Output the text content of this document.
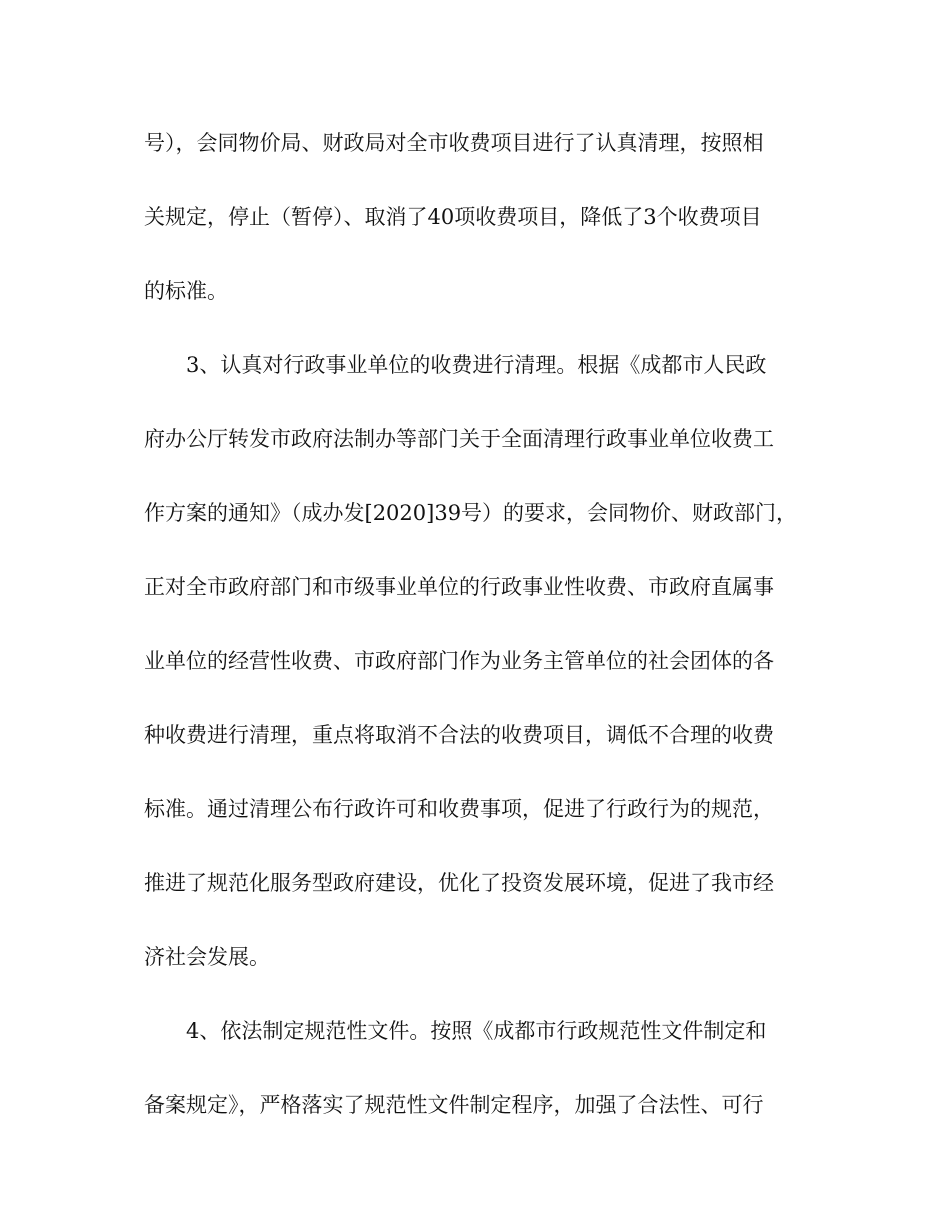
号），会同物价局、财政局对全市收费项目进行了认真清理，按照相
关规定，停止（暂停）、取消了40项收费项目，降低了3个收费项目
的标准。
3、认真对行政事业单位的收费进行清理。根据《成都市人民政
府办公厅转发市政府法制办等部门关于全面清理行政事业单位收费工
作方案的通知》（成办发[2020]39号）的要求，会同物价、财政部门，
正对全市政府部门和市级事业单位的行政事业性收费、市政府直属事
业单位的经营性收费、市政府部门作为业务主管单位的社会团体的各
种收费进行清理，重点将取消不合法的收费项目，调低不合理的收费
标准。通过清理公布行政许可和收费事项，促进了行政行为的规范，
推进了规范化服务型政府建设，优化了投资发展环境，促进了我市经
济社会发展。
4、依法制定规范性文件。按照《成都市行政规范性文件制定和
备案规定》，严格落实了规范性文件制定程序，加强了合法性、可行
